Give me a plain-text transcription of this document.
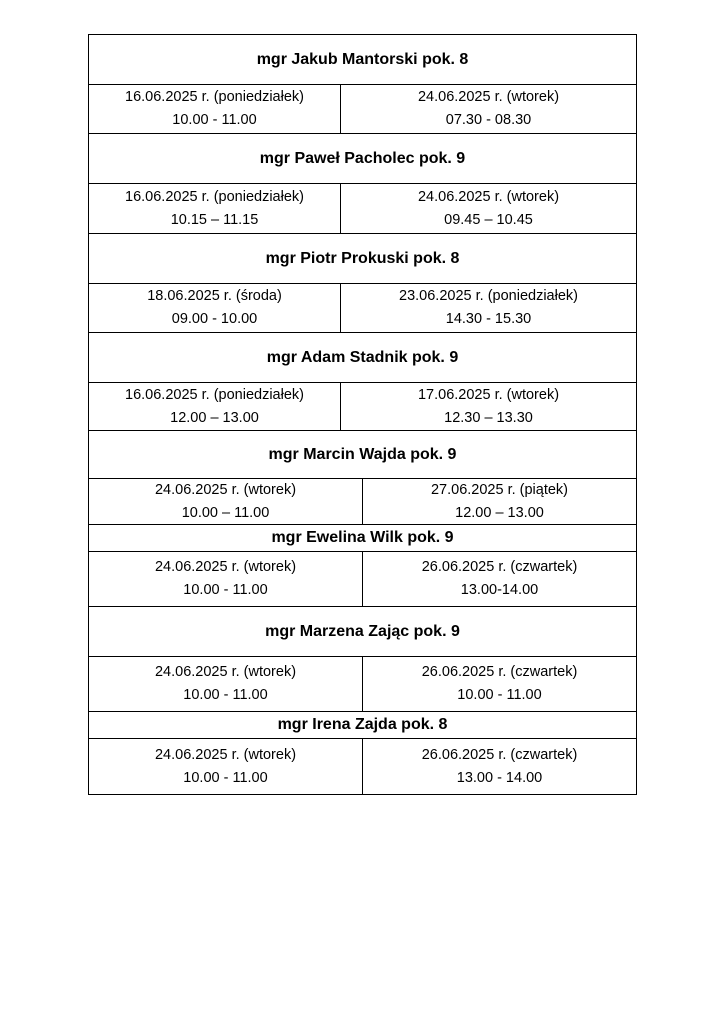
mgr Jakub Mantorski pok. 8
16.06.2025 r. (poniedziałek)
10.00 - 11.00
24.06.2025 r. (wtorek)
07.30 - 08.30
mgr Paweł Pacholec pok. 9
16.06.2025 r. (poniedziałek)
10.15 – 11.15
24.06.2025 r. (wtorek)
09.45 – 10.45
mgr Piotr Prokuski pok. 8
18.06.2025 r. (środa)
09.00 - 10.00
23.06.2025 r. (poniedziałek)
14.30 - 15.30
mgr Adam Stadnik pok. 9
16.06.2025 r. (poniedziałek)
12.00 – 13.00
17.06.2025 r. (wtorek)
12.30 – 13.30
mgr Marcin Wajda pok. 9
24.06.2025 r. (wtorek)
10.00 – 11.00
27.06.2025 r. (piątek)
12.00 – 13.00
mgr Ewelina Wilk pok. 9
24.06.2025 r. (wtorek)
10.00 - 11.00
26.06.2025 r. (czwartek)
13.00-14.00
mgr Marzena Zając pok. 9
24.06.2025 r. (wtorek)
10.00 - 11.00
26.06.2025 r. (czwartek)
10.00 - 11.00
mgr Irena Zajda pok. 8
24.06.2025 r. (wtorek)
10.00 - 11.00
26.06.2025 r. (czwartek)
13.00 - 14.00
